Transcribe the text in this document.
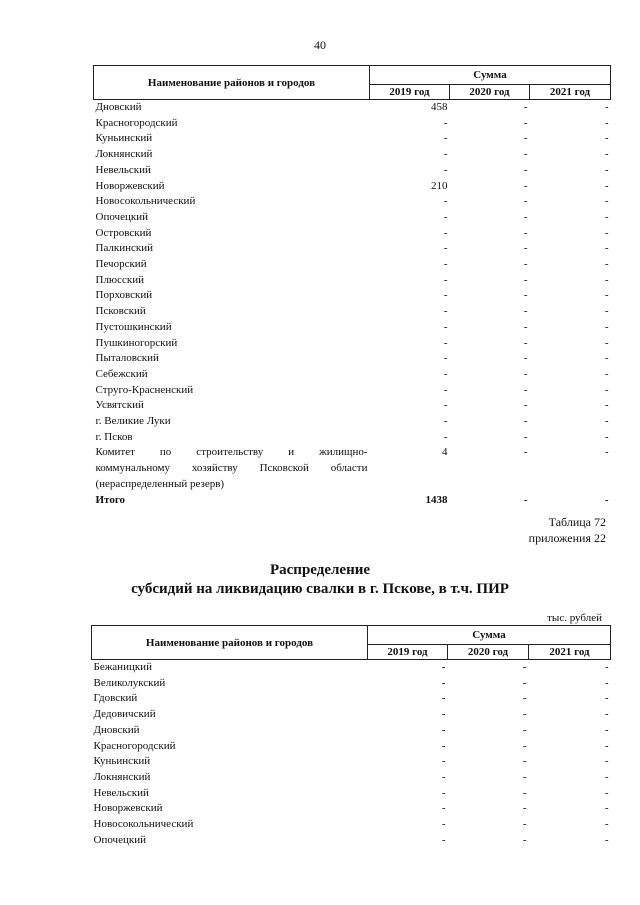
40
Наименование районов и городов	Сумма		
	2019 год	2020 год	2021 год
Дновский	458	-	-
Красногородский	-	-	-
Куньинский	-	-	-
Локнянский	-	-	-
Невельский	-	-	-
Новоржевский	210	-	-
Новосокольнический	-	-	-
Опочецкий	-	-	-
Островский	-	-	-
Палкинский	-	-	-
Печорский	-	-	-
Плюсский	-	-	-
Порховский	-	-	-
Псковский	-	-	-
Пустошкинский	-	-	-
Пушкиногорский	-	-	-
Пыталовский	-	-	-
Себежский	-	-	-
Струго-Красненский	-	-	-
Усвятский	-	-	-
г. Великие Луки	-	-	-
г. Псков	-	-	-

Комитет по строительству и жилищно-
коммунальному хозяйству Псковской области
(нераспределенный резерв)	4	-	-
Итого	1438	-	-
Таблица 72
приложения 22
Распределение
субсидий на ликвидацию свалки в г. Пскове, в т.ч. ПИР
тыс. рублей
Наименование районов и городов	Сумма		
	2019 год	2020 год	2021 год
Бежаницкий	-	-	-
Великолукский	-	-	-
Гдовский	-	-	-
Дедовичский	-	-	-
Дновский	-	-	-
Красногородский	-	-	-
Куньинский	-	-	-
Локнянский	-	-	-
Невельский	-	-	-
Новоржевский	-	-	-
Новосокольнический	-	-	-
Опочецкий	-	-	-
